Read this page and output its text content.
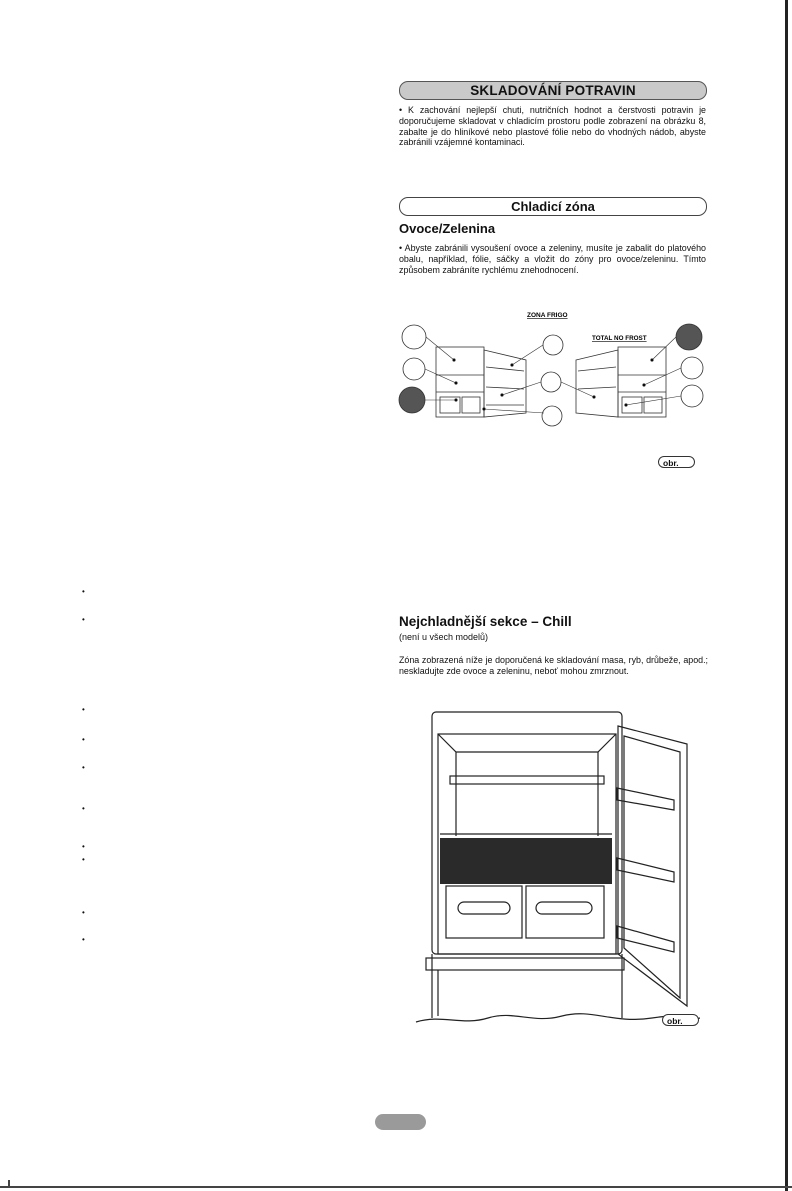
SKLADOVÁNÍ POTRAVIN

• K zachování nejlepší chuti, nutričních hodnot a čerstvosti potravin je doporučujeme skladovat v chladicím prostoru podle zobrazení na obrázku 8, zabalte je do hliníkové nebo plastové fólie nebo do vhodných nádob, abyste zabránili vzájemné kontaminaci.

Chladicí zóna
Ovoce/Zelenina

• Abyste zabránili vysoušení ovoce a zeleniny, musíte je zabalit do platového obalu, například, fólie, sáčky a vložit do zóny pro ovoce/zeleninu. Tímto způsobem zabráníte rychlému znehodnocení.

ZONA FRIGO
TOTAL NO FROST
obr.
•
•
•
•
•
•
•
•
•
•
Nejchladnější sekce – Chill

(není u všech modelů)

Zóna zobrazená níže je doporučená ke skladování masa, ryb, drůbeže, apod.; neskladujte zde ovoce a zeleninu, neboť mohou zmrznout.

obr.
